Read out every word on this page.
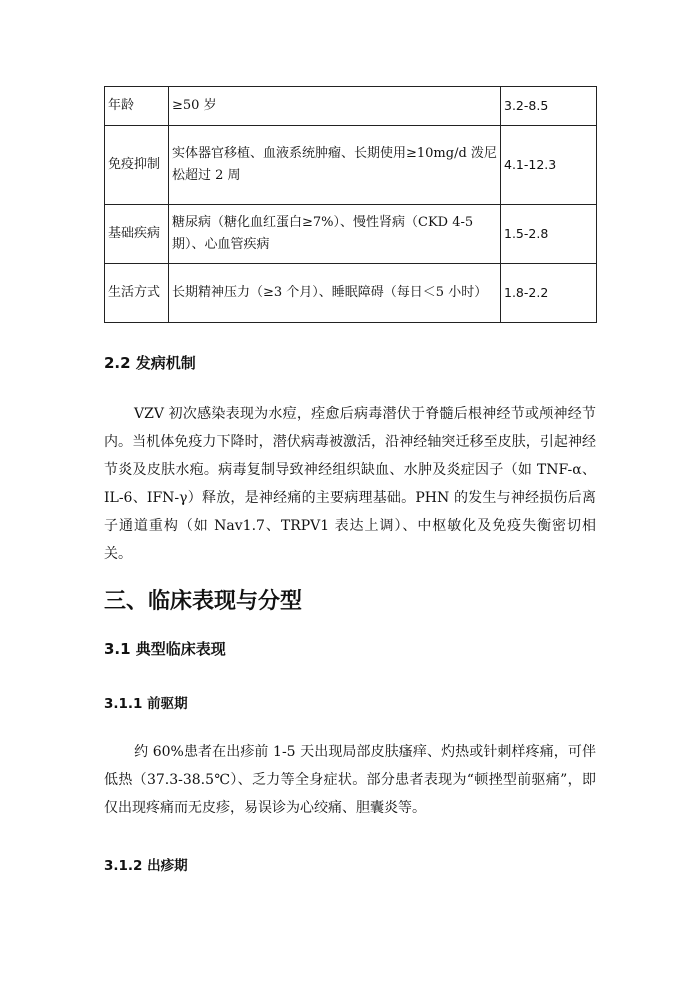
年龄	≥50 岁	3.2-8.5
免疫抑制	实体器官移植、血液系统肿瘤、长期使用≥10mg/d 泼尼松超过 2 周	4.1-12.3
基础疾病	糖尿病（糖化血红蛋白≥7%）、慢性肾病（CKD 4-5 期）、心血管疾病	1.5-2.8
生活方式	长期精神压力（≥3 个月）、睡眠障碍（每日＜5 小时）	1.8-2.2
2.2 发病机制

VZV 初次感染表现为水痘，痊愈后病毒潜伏于脊髓后根神经节或颅神经节内。当机体免疫力下降时，潜伏病毒被激活，沿神经轴突迁移至皮肤，引起神经节炎及皮肤水疱。病毒复制导致神经组织缺血、水肿及炎症因子（如 TNF-α、IL-6、IFN-γ）释放，是神经痛的主要病理基础。PHN 的发生与神经损伤后离子通道重构（如 Nav1.7、TRPV1 表达上调）、中枢敏化及免疫失衡密切相关。

三、临床表现与分型
3.1 典型临床表现
3.1.1 前驱期

约 60%患者在出疹前 1-5 天出现局部皮肤瘙痒、灼热或针刺样疼痛，可伴低热（37.3-38.5℃）、乏力等全身症状。部分患者表现为“顿挫型前驱痛”，即仅出现疼痛而无皮疹，易误诊为心绞痛、胆囊炎等。

3.1.2 出疹期
